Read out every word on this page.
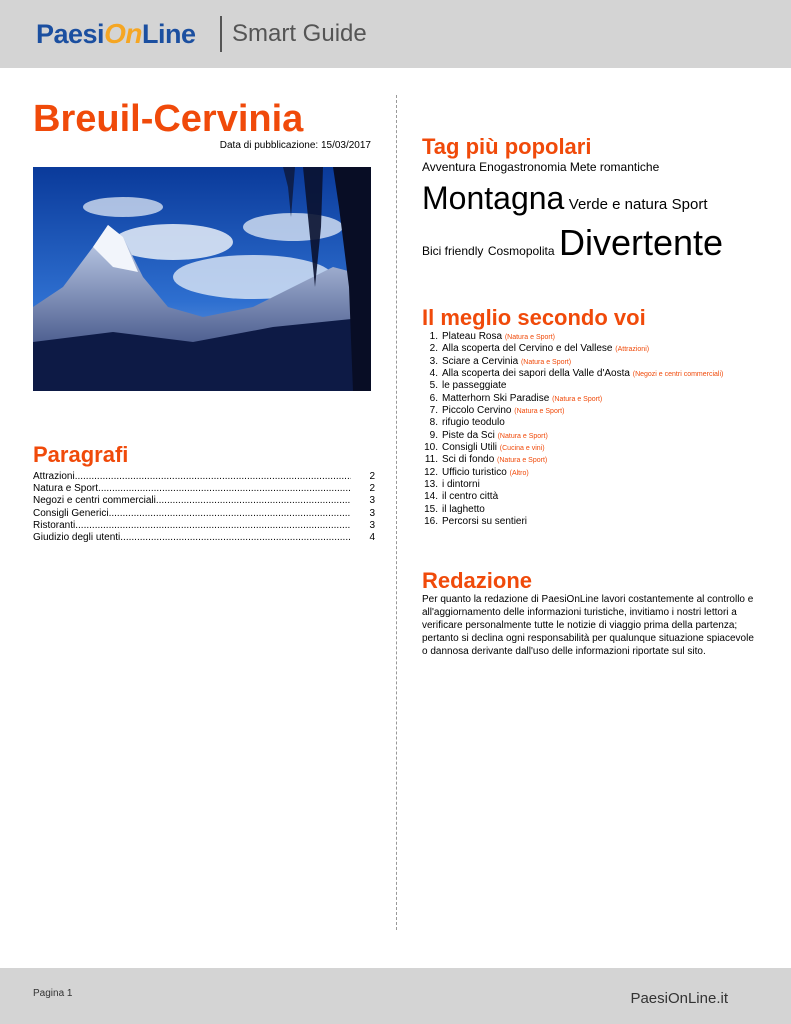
PaesiOnLine Smart Guide
Breuil-Cervinia
Data di pubblicazione: 15/03/2017
Paragrafi
Attrazioni .....	2
Natura e Sport .....	2
Negozi e centri commerciali .....	3
Consigli Generici .....	3
Ristoranti .....	3
Giudizio degli utenti .....	4
Tag più popolari
Avventura Enogastronomia Mete romantiche
Montagna Verde e natura Sport
Bici friendly Cosmopolita Divertente
Il meglio secondo voi
1. Plateau Rosa (Natura e Sport)
2. Alla scoperta del Cervino e del Vallese (Attrazioni)
3. Sciare a Cervinia (Natura e Sport)
4. Alla scoperta dei sapori della Valle d'Aosta (Negozi e centri commerciali)
5. le passeggiate
6. Matterhorn Ski Paradise (Natura e Sport)
7. Piccolo Cervino (Natura e Sport)
8. rifugio teodulo
9. Piste da Sci (Natura e Sport)
10. Consigli Utili (Cucina e vini)
11. Sci di fondo (Natura e Sport)
12. Ufficio turistico (Altro)
13. i dintorni
14. il centro città
15. il laghetto
16. Percorsi su sentieri
Redazione

Per quanto la redazione di PaesiOnLine lavori costantemente al controllo e all'aggiornamento delle informazioni turistiche, invitiamo i nostri lettori a verificare personalmente tutte le notizie di viaggio prima della partenza; pertanto si declina ogni responsabilità per qualunque situazione spiacevole o dannosa derivante dall'uso delle informazioni riportate sul sito.

Pagina 1	PaesiOnLine.it
